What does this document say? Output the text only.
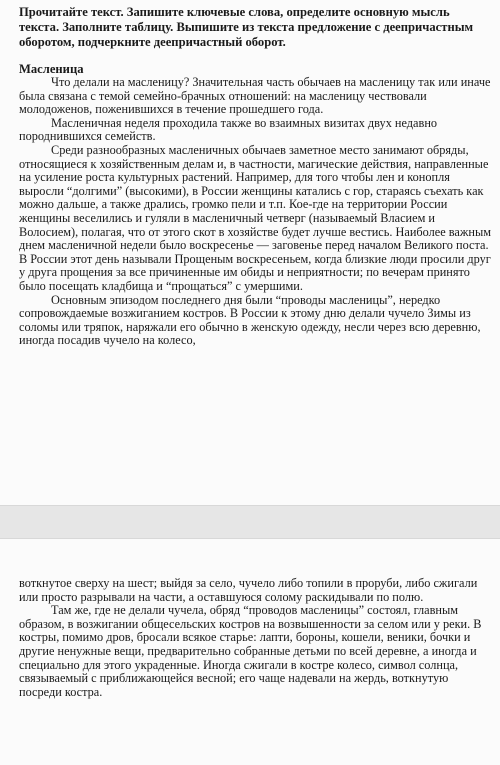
Прочитайте текст. Запишите ключевые слова, определите основную мысль текста. Заполните таблицу. Выпишите из текста предложение с деепричастным оборотом, подчеркните деепричастный оборот.
Масленица

Что делали на масленицу? Значительная часть обычаев на масленицу так или иначе была связана с темой семейно-брачных отношений: на масленицу чествовали молодоженов, поженившихся в течение прошедшего года.

Масленичная неделя проходила также во взаимных визитах двух недавно породнившихся семейств.

Среди разнообразных масленичных обычаев заметное место занимают обряды, относящиеся к хозяйственным делам и, в частности, магические действия, направленные на усиление роста культурных растений. Например, для того чтобы лен и конопля выросли “долгими” (высокими), в России женщины катались с гор, стараясь съехать как можно дальше, а также дрались, громко пели и т.п. Кое-где на территории России женщины веселились и гуляли в масленичный четверг (называемый Власием и Волосием), полагая, что от этого скот в хозяйстве будет лучше вестись. Наиболее важным днем масленичной недели было воскресенье — заговенье перед началом Великого поста. В России этот день называли Прощеным воскресеньем, когда близкие люди просили друг у друга прощения за все причиненные им обиды и неприятности; по вечерам принято было посещать кладбища и “прощаться” с умершими.

Основным эпизодом последнего дня были “проводы масленицы”, нередко сопровождаемые возжиганием костров. В России к этому дню делали чучело Зимы из соломы или тряпок, наряжали его обычно в женскую одежду, несли через всю деревню, иногда посадив чучело на колесо,

воткнутое сверху на шест; выйдя за село, чучело либо топили в проруби, либо сжигали или просто разрывали на части, а оставшуюся солому раскидывали по полю.

Там же, где не делали чучела, обряд “проводов масленицы” состоял, главным образом, в возжигании общесельских костров на возвышенности за селом или у реки. В костры, помимо дров, бросали всякое старье: лапти, бороны, кошели, веники, бочки и другие ненужные вещи, предварительно собранные детьми по всей деревне, а иногда и специально для этого украденные. Иногда сжигали в костре колесо, символ солнца, связываемый с приближающейся весной; его чаще надевали на жердь, воткнутую посреди костра.
